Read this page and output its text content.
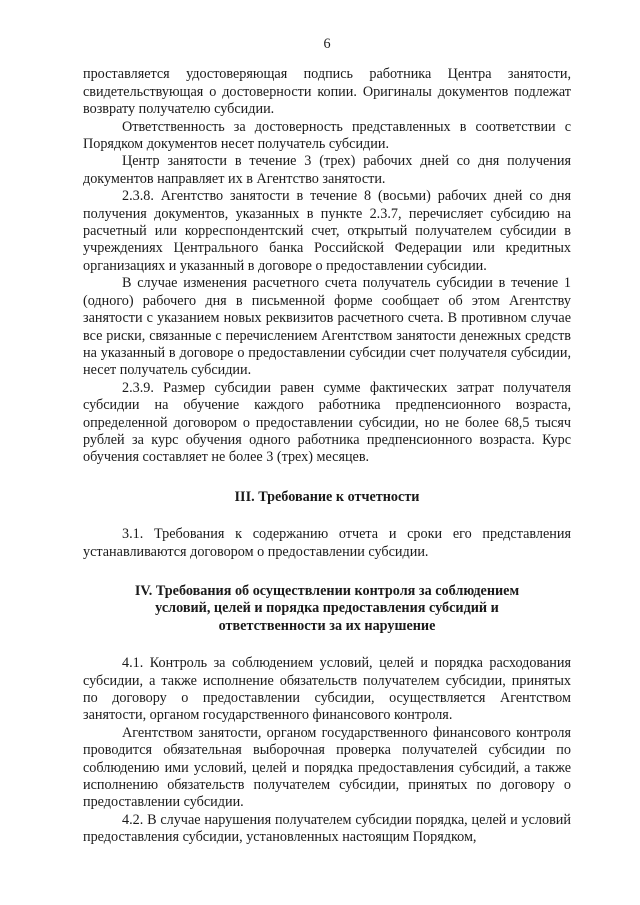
6

проставляется удостоверяющая подпись работника Центра занятости, свидетельствующая о достоверности копии. Оригиналы документов подлежат возврату получателю субсидии.

Ответственность за достоверность представленных в соответствии с Порядком документов несет получатель субсидии.

Центр занятости в течение 3 (трех) рабочих дней со дня получения документов направляет их в Агентство занятости.

2.3.8. Агентство занятости в течение 8 (восьми) рабочих дней со дня получения документов, указанных в пункте 2.3.7, перечисляет субсидию на расчетный или корреспондентский счет, открытый получателем субсидии в учреждениях Центрального банка Российской Федерации или кредитных организациях и указанный в договоре о предоставлении субсидии.

В случае изменения расчетного счета получатель субсидии в течение 1 (одного) рабочего дня в письменной форме сообщает об этом Агентству занятости с указанием новых реквизитов расчетного счета. В противном случае все риски, связанные с перечислением Агентством занятости денежных средств на указанный в договоре о предоставлении субсидии счет получателя субсидии, несет получатель субсидии.

2.3.9. Размер субсидии равен сумме фактических затрат получателя субсидии на обучение каждого работника предпенсионного возраста, определенной договором о предоставлении субсидии, но не более 68,5 тысяч рублей за курс обучения одного работника предпенсионного возраста. Курс обучения составляет не более 3 (трех) месяцев.

III. Требование к отчетности

3.1. Требования к содержанию отчета и сроки его представления устанавливаются договором о предоставлении субсидии.

IV. Требования об осуществлении контроля за соблюдением
условий, целей и порядка предоставления субсидий и
ответственности за их нарушение

4.1. Контроль за соблюдением условий, целей и порядка расходования субсидии, а также исполнение обязательств получателем субсидии, принятых по договору о предоставлении субсидии, осуществляется Агентством занятости, органом государственного финансового контроля.

Агентством занятости, органом государственного финансового контроля проводится обязательная выборочная проверка получателей субсидии по соблюдению ими условий, целей и порядка предоставления субсидий, а также исполнению обязательств получателем субсидии, принятых по договору о предоставлении субсидии.

4.2. В случае нарушения получателем субсидии порядка, целей и условий предоставления субсидии, установленных настоящим Порядком,
